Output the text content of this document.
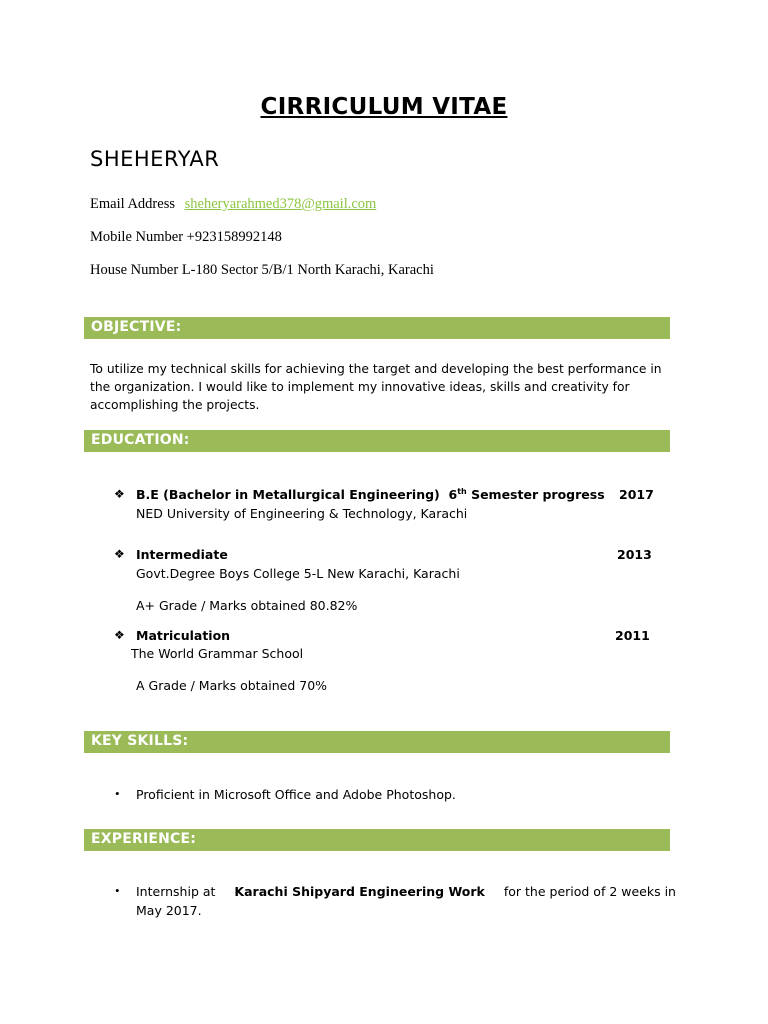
CIRRICULUM VITAE
SHEHERYAR
Email Address sheheryarahmed378@gmail.com
Mobile Number +923158992148
House Number L-180 Sector 5/B/1 North Karachi, Karachi
OBJECTIVE:
To utilize my technical skills for achieving the target and developing the best performance in the organization. I would like to implement my innovative ideas, skills and creativity for accomplishing the projects.
EDUCATION:
❖ B.E (Bachelor in Metallurgical Engineering) 6th Semester progress 2017
NED University of Engineering & Technology, Karachi
❖ Intermediate	2013
Govt.Degree Boys College 5-L New Karachi, Karachi
A+ Grade / Marks obtained 80.82%
❖ Matriculation	2011
The World Grammar School
A Grade / Marks obtained 70%
KEY SKILLS:
• Proficient in Microsoft Office and Adobe Photoshop.
EXPERIENCE:
• Internship at Karachi Shipyard Engineering Work for the period of 2 weeks in
May 2017.
